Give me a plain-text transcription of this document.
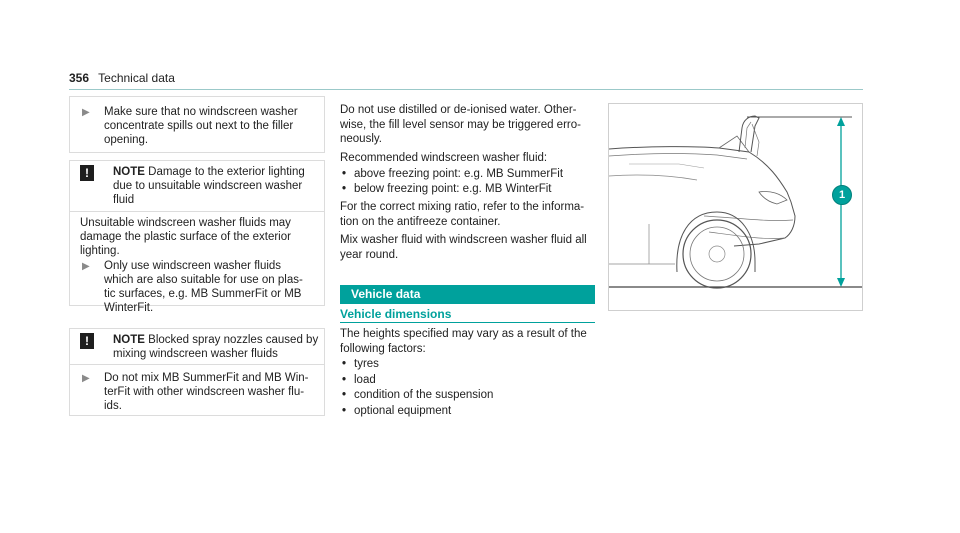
356 Technical data
▶ Make sure that no windscreen washer
concentrate spills out next to the filler
opening.
!	NOTE Damage to the exterior lighting
due to unsuitable windscreen washer
fluid
Unsuitable windscreen washer fluids may
damage the plastic surface of the exterior
lighting.
▶ Only use windscreen washer fluids
which are also suitable for use on plas-
tic surfaces, e.g. MB SummerFit or MB
WinterFit.
!	NOTE Blocked spray nozzles caused by
mixing windscreen washer fluids
▶ Do not mix MB SummerFit and MB Win-
terFit with other windscreen washer flu-
ids.
Do not use distilled or de-ionised water. Other-
wise, the fill level sensor may be triggered erro-
neously.
Recommended windscreen washer fluid:
• above freezing point: e.g. MB SummerFit
• below freezing point: e.g. MB WinterFit
For the correct mixing ratio, refer to the informa-
tion on the antifreeze container.
Mix washer fluid with windscreen washer fluid all
year round.
Vehicle data
Vehicle dimensions
The heights specified may vary as a result of the
following factors:
• tyres
• load
• condition of the suspension
• optional equipment
1
